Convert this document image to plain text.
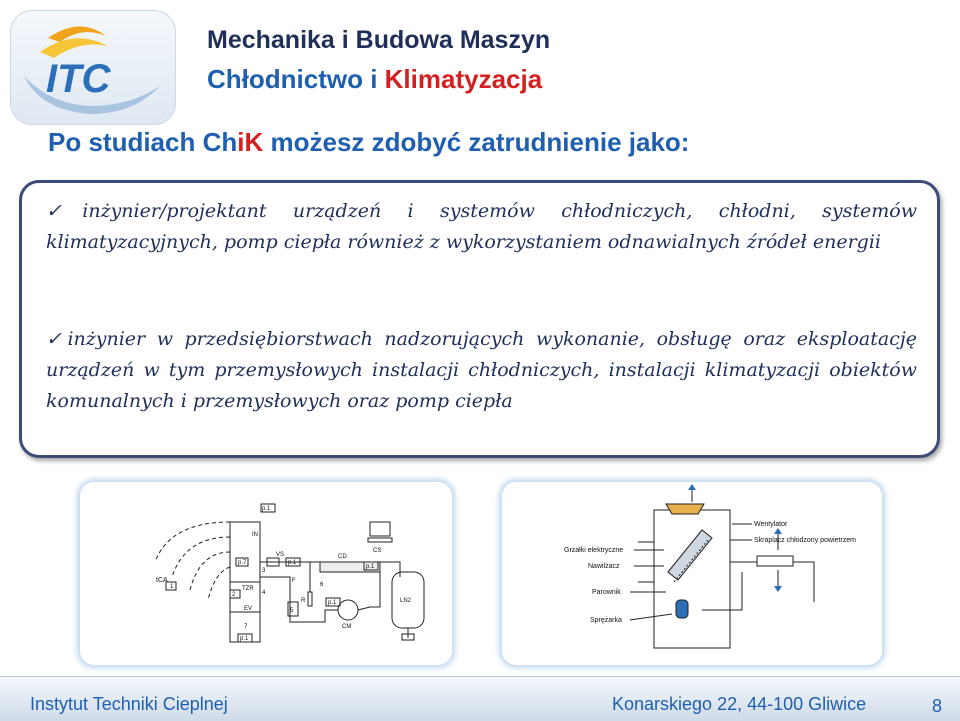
ITC
Mechanika i Budowa Maszyn
Chłodnictwo i Klimatyzacja
Po studiach ChiK możesz zdobyć zatrudnienie jako:
✓inżynier/projektant urządzeń i systemów chłodniczych, chłodni, systemów klimatyzacyjnych, pomp ciepła również z wykorzystaniem odnawialnych źródeł energii
✓inżynier w przedsiębiorstwach nadzorujących wykonanie, obsługę oraz eksploatację urządzeń w tym przemysłowych instalacji chłodniczych, instalacji klimatyzacji obiektów komunalnych i przemysłowych oraz pomp ciepła
p.1
IN
VS	CD
CS
tCA
p.7	p.1
p.1
p.1
p.1
TZR
EV
F
R
CM
LN2
1
2
3
4
5
6
7
Wentylator
Skraplacz chłodzony powietrzem
Grzałki elektryczne
Nawilżacz
Parownik
Sprężarka
Instytut Techniki Cieplnej	Konarskiego 22, 44-100 Gliwice	8
